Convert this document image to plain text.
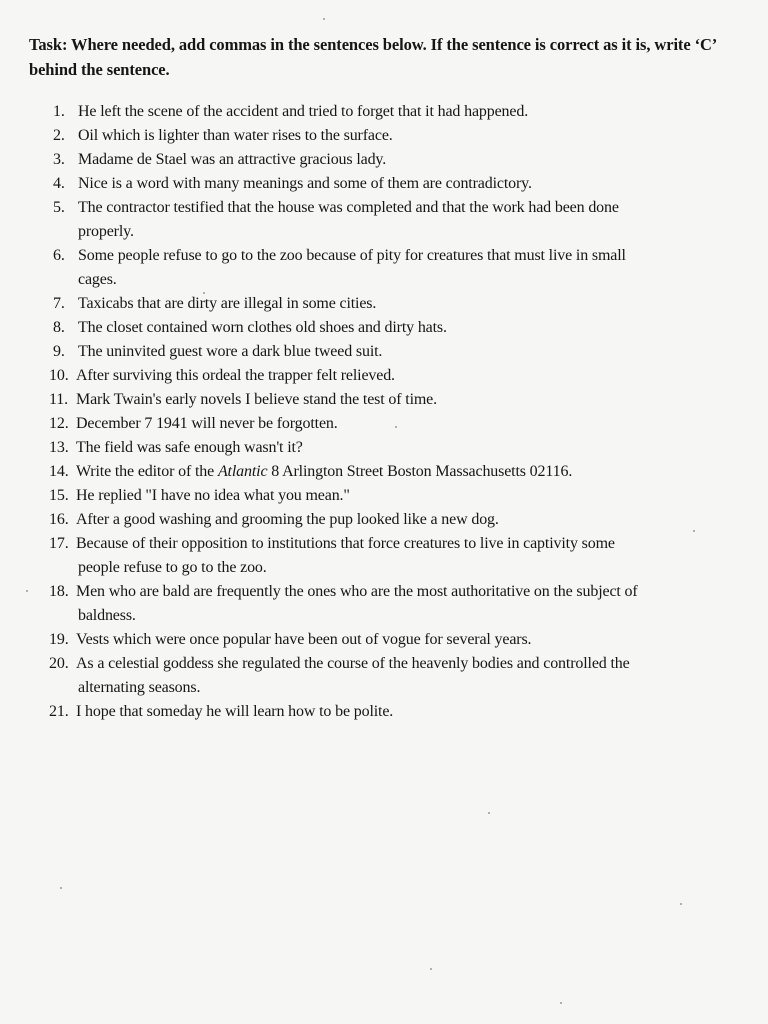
Task: Where needed, add commas in the sentences below. If the sentence is correct as it is, write ‘C’ behind the sentence.
1. He left the scene of the accident and tried to forget that it had happened.
2. Oil which is lighter than water rises to the surface.
3. Madame de Stael was an attractive gracious lady.
4. Nice is a word with many meanings and some of them are contradictory.
5. The contractor testified that the house was completed and that the work had been done
properly.
6. Some people refuse to go to the zoo because of pity for creatures that must live in small
cages.
7. Taxicabs that are dirty are illegal in some cities.
8. The closet contained worn clothes old shoes and dirty hats.
9. The uninvited guest wore a dark blue tweed suit.
10. After surviving this ordeal the trapper felt relieved.
11. Mark Twain's early novels I believe stand the test of time.
12. December 7 1941 will never be forgotten.
13. The field was safe enough wasn't it?
14. Write the editor of the Atlantic 8 Arlington Street Boston Massachusetts 02116.
15. He replied "I have no idea what you mean."
16. After a good washing and grooming the pup looked like a new dog.
17. Because of their opposition to institutions that force creatures to live in captivity some
people refuse to go to the zoo.
18. Men who are bald are frequently the ones who are the most authoritative on the subject of
baldness.
19. Vests which were once popular have been out of vogue for several years.
20. As a celestial goddess she regulated the course of the heavenly bodies and controlled the
alternating seasons.
21. I hope that someday he will learn how to be polite.
